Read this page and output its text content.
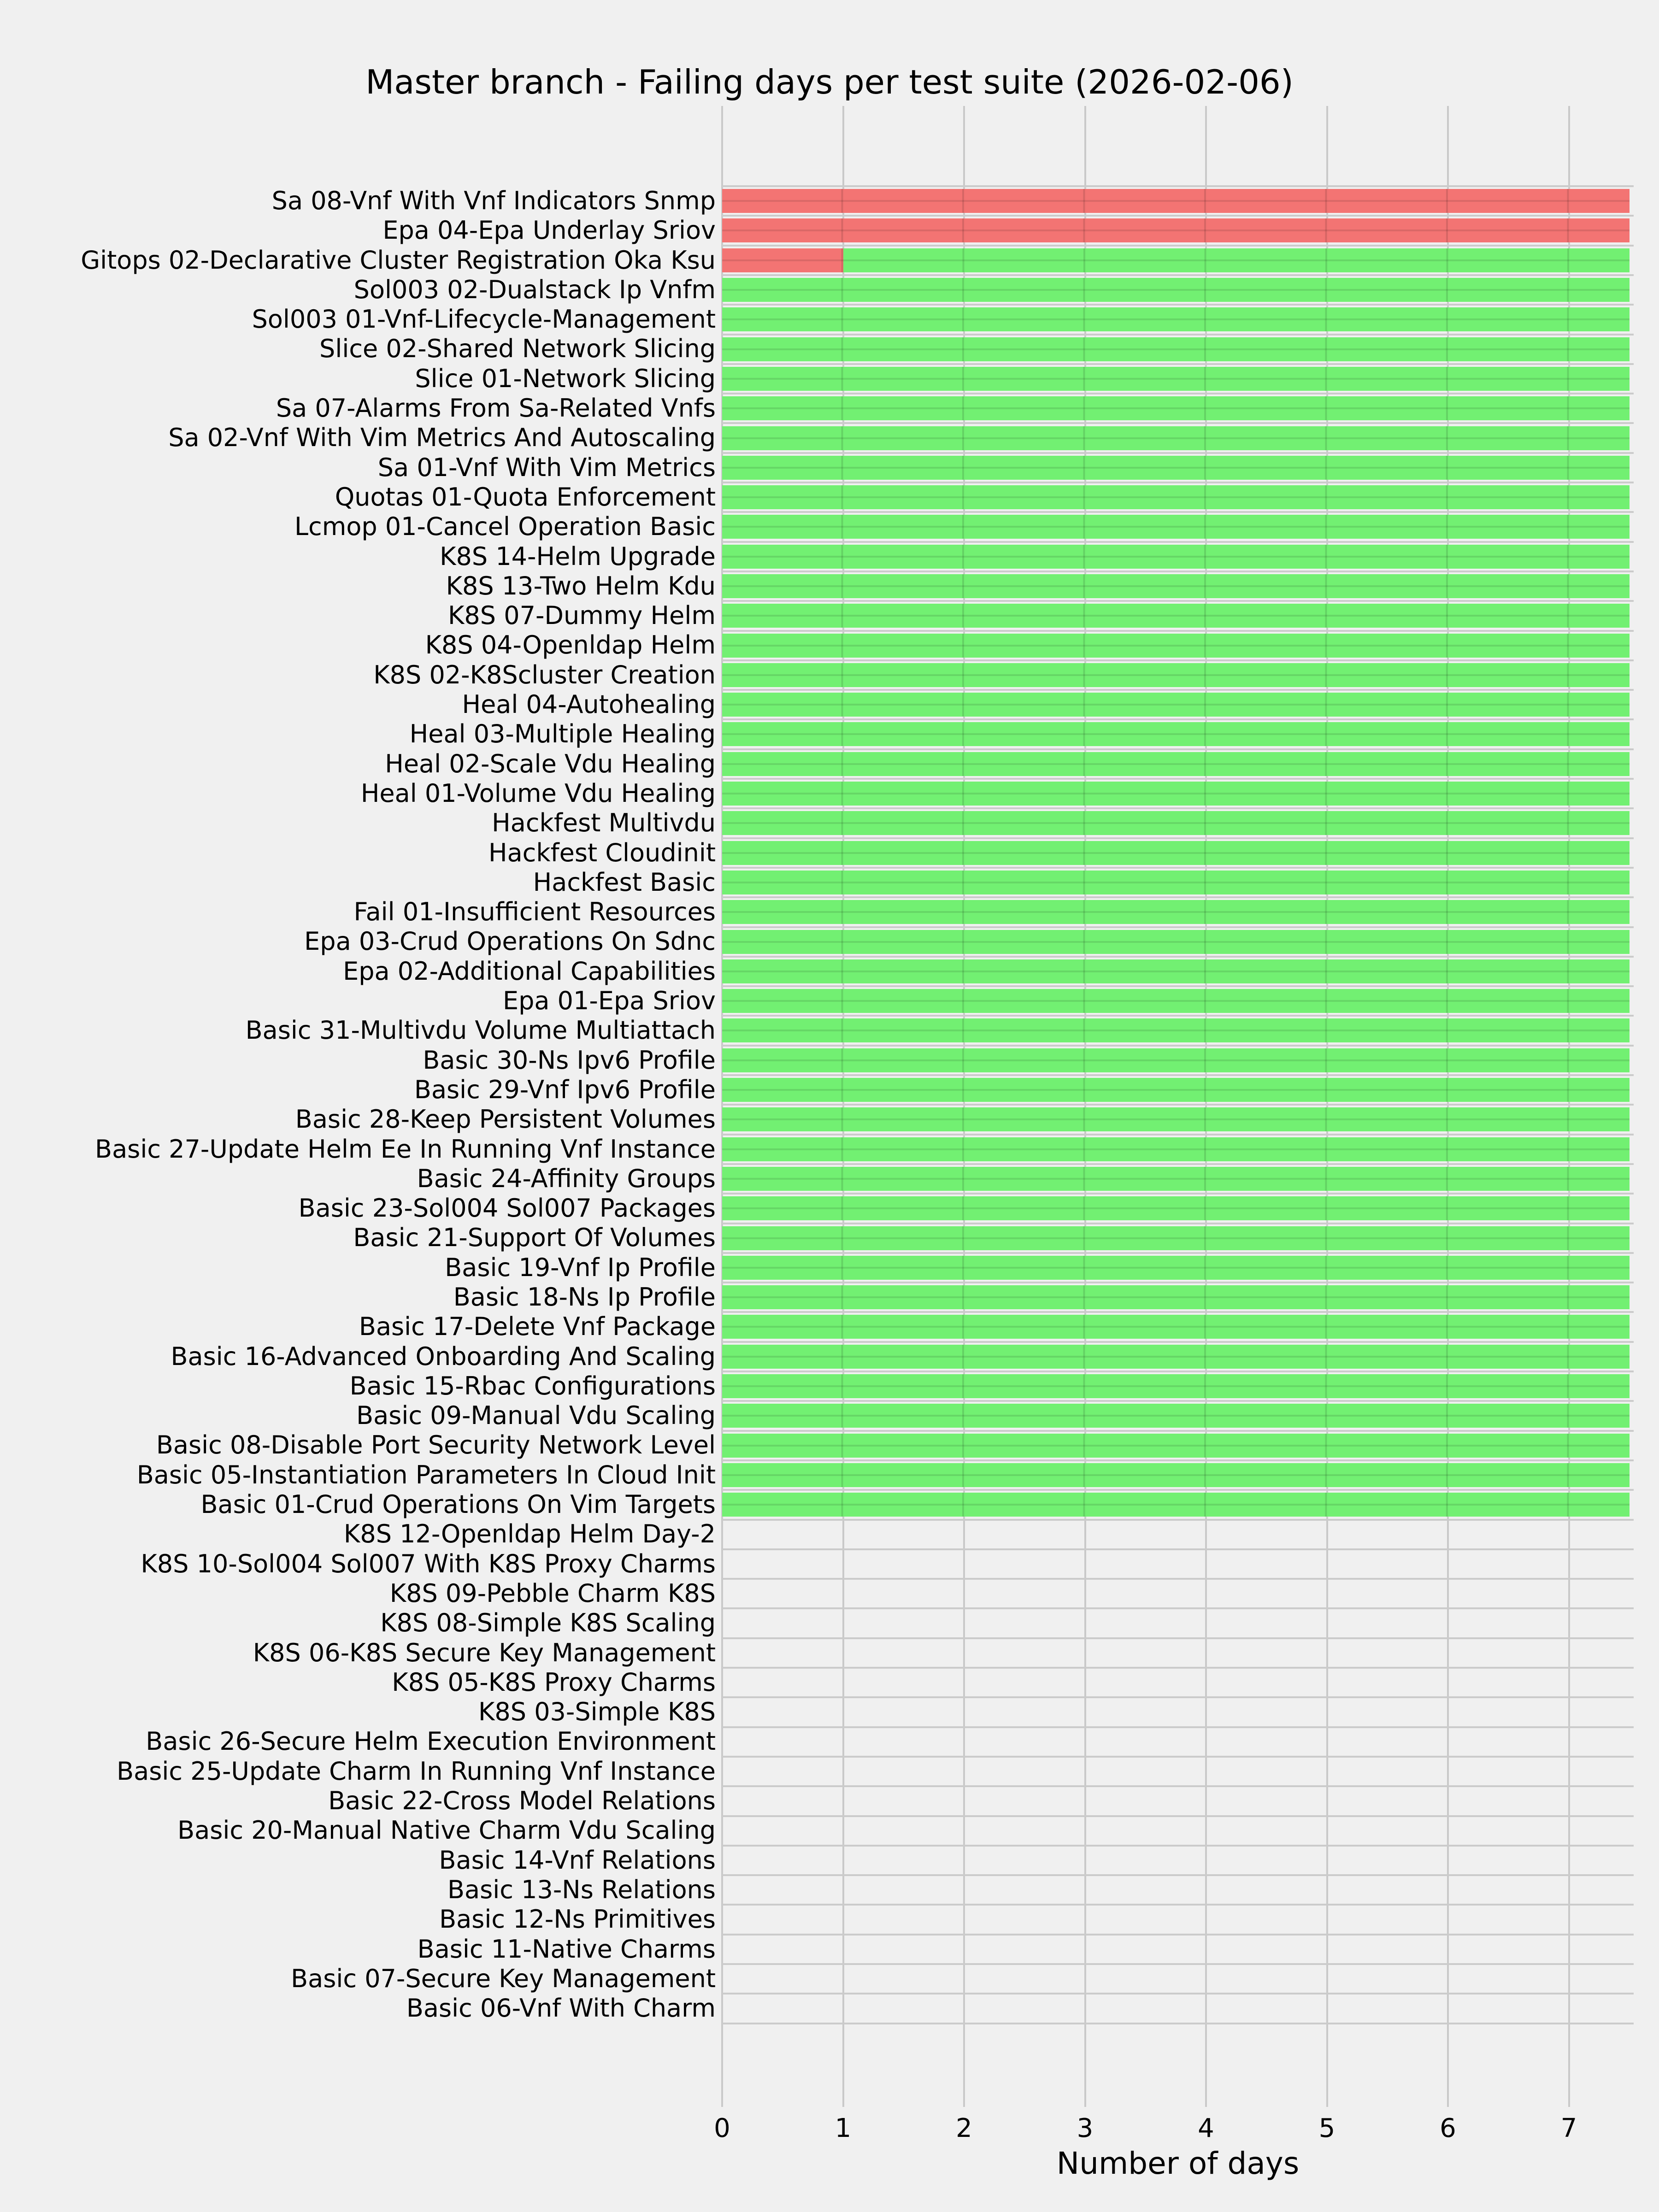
Master branch - Failing days per test suite (2026-02-06)
Sa 08-Vnf With Vnf Indicators Snmp
Epa 04-Epa Underlay Sriov
Gitops 02-Declarative Cluster Registration Oka Ksu
Sol003 02-Dualstack Ip Vnfm
Sol003 01-Vnf-Lifecycle-Management
Slice 02-Shared Network Slicing
Slice 01-Network Slicing
Sa 07-Alarms From Sa-Related Vnfs
Sa 02-Vnf With Vim Metrics And Autoscaling
Sa 01-Vnf With Vim Metrics
Quotas 01-Quota Enforcement
Lcmop 01-Cancel Operation Basic
K8S 14-Helm Upgrade
K8S 13-Two Helm Kdu
K8S 07-Dummy Helm
K8S 04-Openldap Helm
K8S 02-K8Scluster Creation
Heal 04-Autohealing
Heal 03-Multiple Healing
Heal 02-Scale Vdu Healing
Heal 01-Volume Vdu Healing
Hackfest Multivdu
Hackfest Cloudinit
Hackfest Basic
Fail 01-Insufficient Resources
Epa 03-Crud Operations On Sdnc
Epa 02-Additional Capabilities
Epa 01-Epa Sriov
Basic 31-Multivdu Volume Multiattach
Basic 30-Ns Ipv6 Profile
Basic 29-Vnf Ipv6 Profile
Basic 28-Keep Persistent Volumes
Basic 27-Update Helm Ee In Running Vnf Instance
Basic 24-Affinity Groups
Basic 23-Sol004 Sol007 Packages
Basic 21-Support Of Volumes
Basic 19-Vnf Ip Profile
Basic 18-Ns Ip Profile
Basic 17-Delete Vnf Package
Basic 16-Advanced Onboarding And Scaling
Basic 15-Rbac Configurations
Basic 09-Manual Vdu Scaling
Basic 08-Disable Port Security Network Level
Basic 05-Instantiation Parameters In Cloud Init
Basic 01-Crud Operations On Vim Targets
K8S 12-Openldap Helm Day-2
K8S 10-Sol004 Sol007 With K8S Proxy Charms
K8S 09-Pebble Charm K8S
K8S 08-Simple K8S Scaling
K8S 06-K8S Secure Key Management
K8S 05-K8S Proxy Charms
K8S 03-Simple K8S
Basic 26-Secure Helm Execution Environment
Basic 25-Update Charm In Running Vnf Instance
Basic 22-Cross Model Relations
Basic 20-Manual Native Charm Vdu Scaling
Basic 14-Vnf Relations
Basic 13-Ns Relations
Basic 12-Ns Primitives
Basic 11-Native Charms
Basic 07-Secure Key Management
Basic 06-Vnf With Charm
0	1	2	3	4	5	6	7
Number of days
